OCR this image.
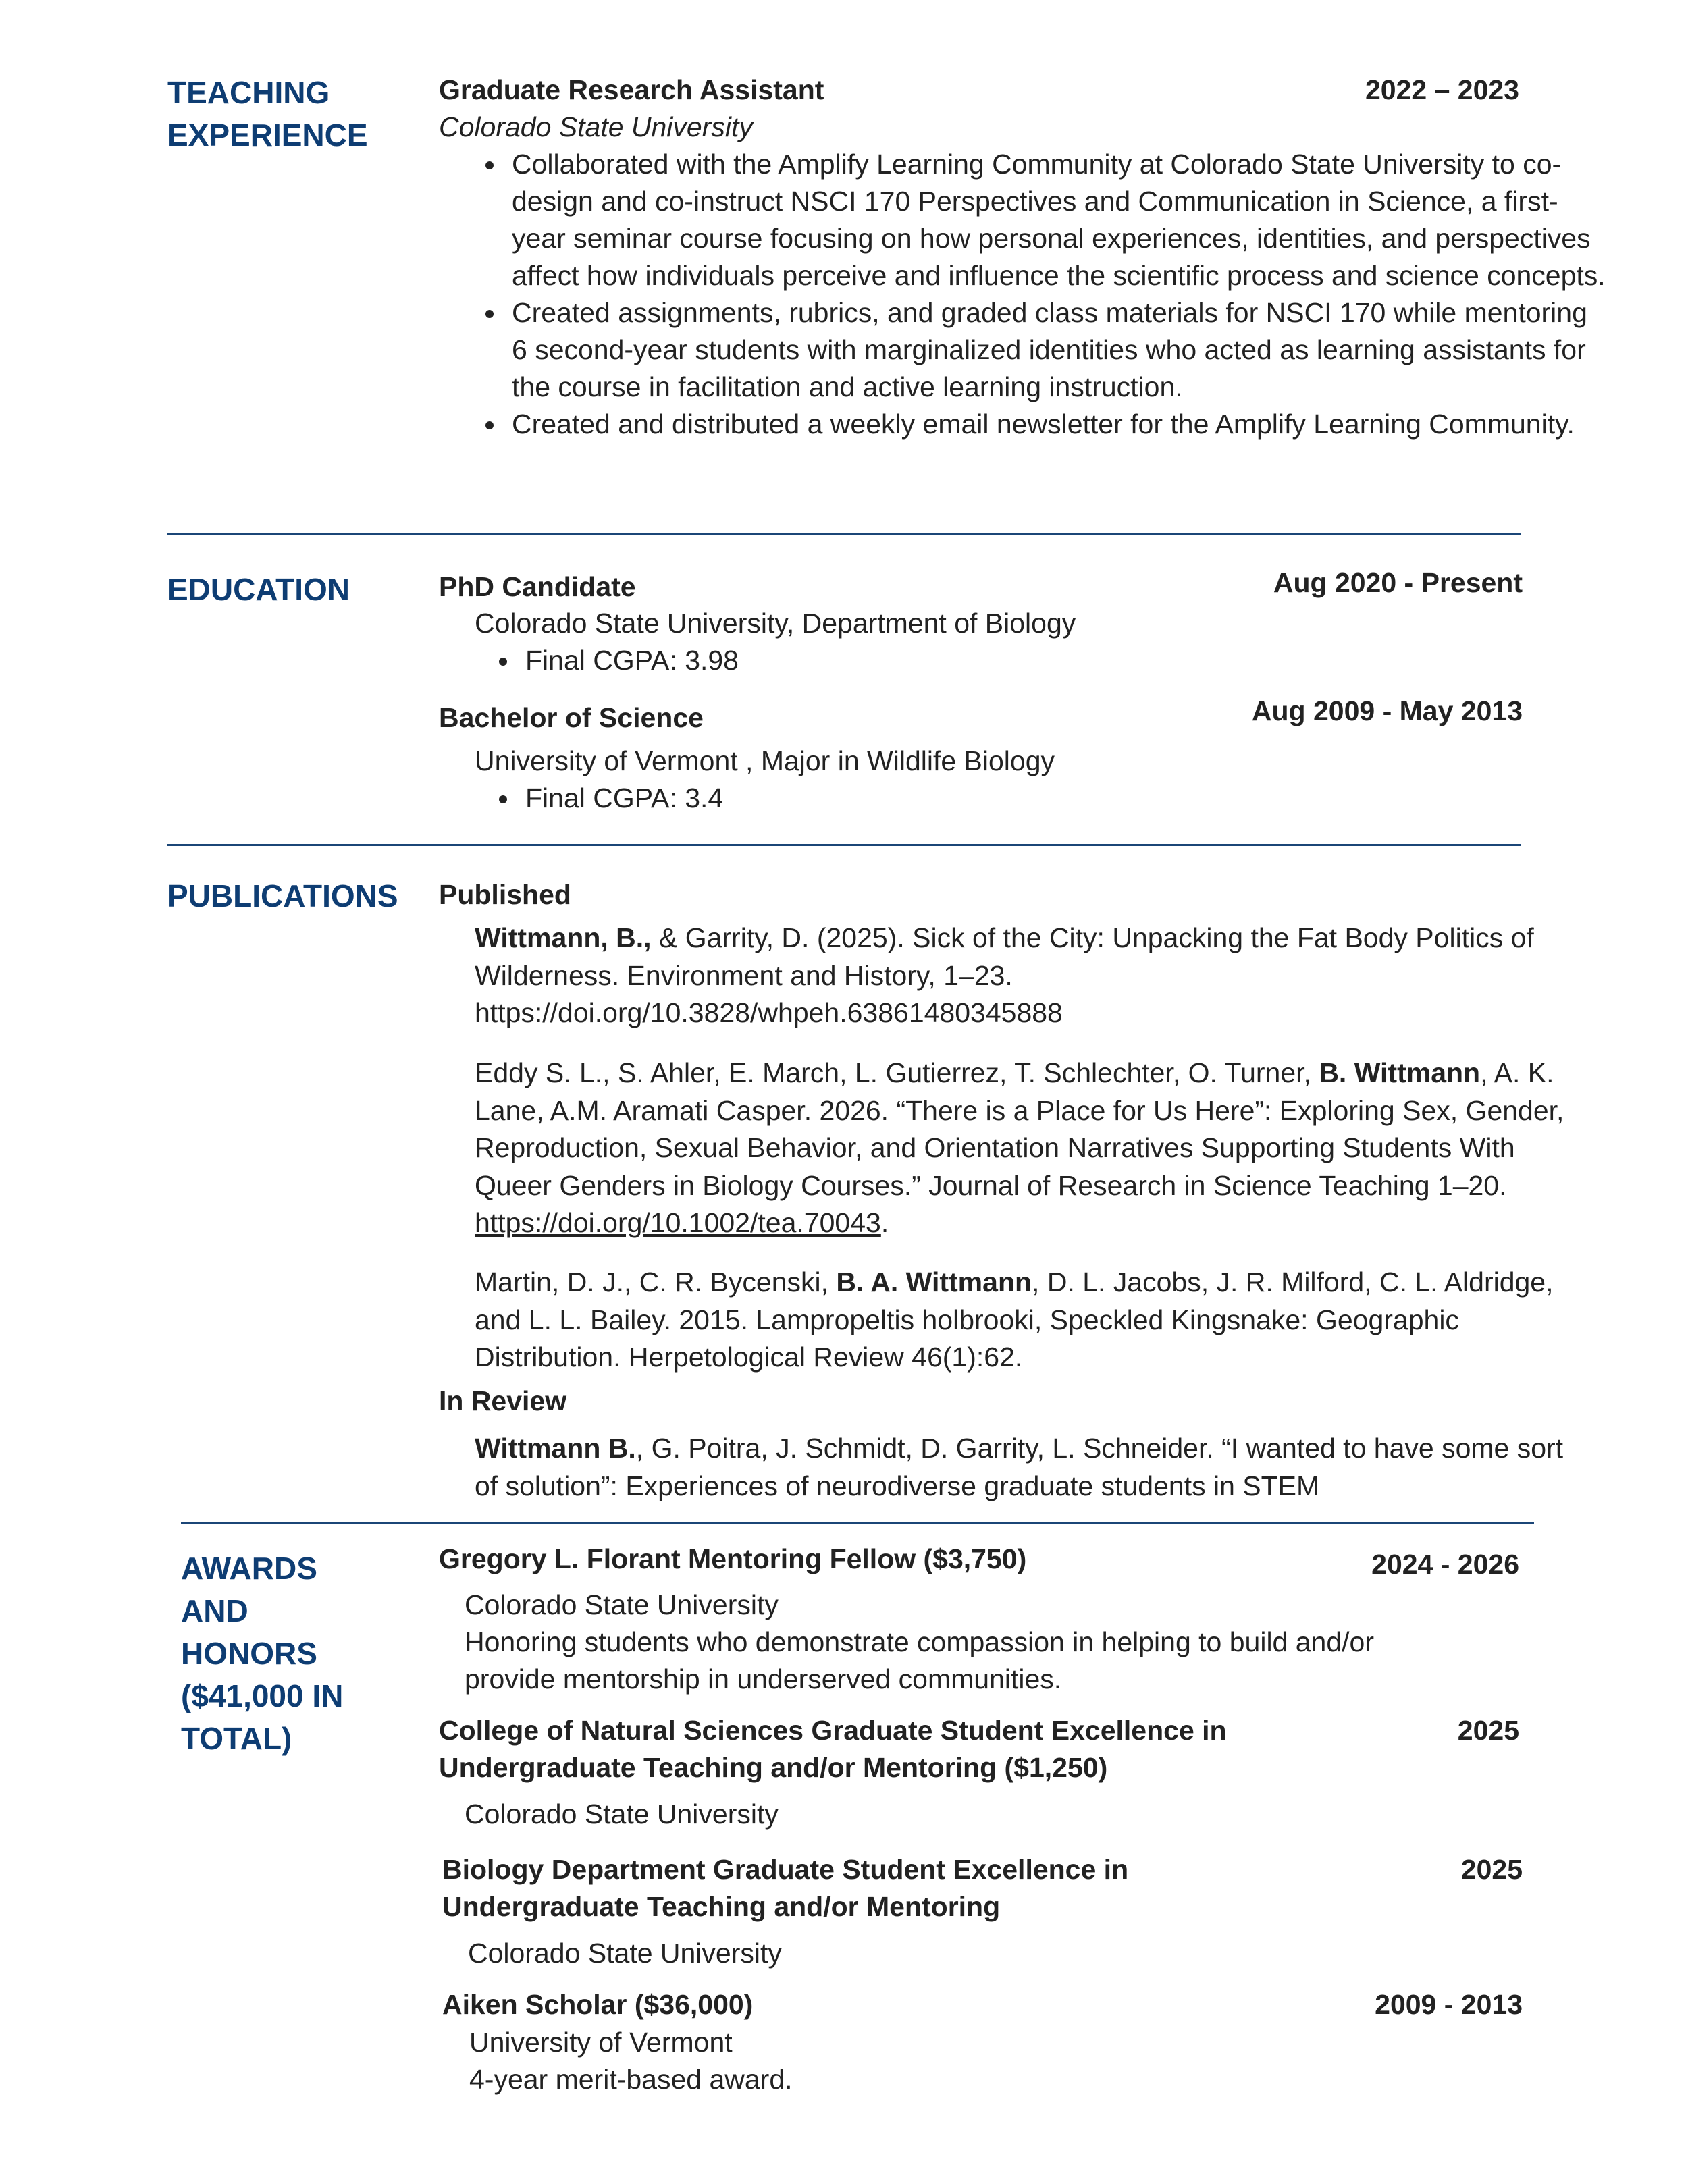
TEACHING
EXPERIENCE
Graduate Research Assistant	2022 – 2023
Colorado State University
• Collaborated with the Amplify Learning Community at Colorado State University to co-design and co-instruct NSCI 170 Perspectives and Communication in Science, a first-year seminar course focusing on how personal experiences, identities, and perspectives affect how individuals perceive and influence the scientific process and science concepts.
• Created assignments, rubrics, and graded class materials for NSCI 170 while mentoring 6 second-year students with marginalized identities who acted as learning assistants for the course in facilitation and active learning instruction.
• Created and distributed a weekly email newsletter for the Amplify Learning Community.
EDUCATION	PhD Candidate	Aug 2020 - Present
Colorado State University, Department of Biology
• Final CGPA: 3.98
Bachelor of Science	Aug 2009 - May 2013
University of Vermont , Major in Wildlife Biology
• Final CGPA: 3.4
PUBLICATIONS	Published

Wittmann, B., & Garrity, D. (2025). Sick of the City: Unpacking the Fat Body Politics of Wilderness. Environment and History, 1–23. https://doi.org/10.3828/whpeh.63861480345888

Eddy S. L., S. Ahler, E. March, L. Gutierrez, T. Schlechter, O. Turner, B. Wittmann, A. K. Lane, A.M. Aramati Casper. 2026. “There is a Place for Us Here”: Exploring Sex, Gender, Reproduction, Sexual Behavior, and Orientation Narratives Supporting Students With Queer Genders in Biology Courses.” Journal of Research in Science Teaching 1–20. https://doi.org/10.1002/tea.70043.

Martin, D. J., C. R. Bycenski, B. A. Wittmann, D. L. Jacobs, J. R. Milford, C. L. Aldridge, and L. L. Bailey. 2015. Lampropeltis holbrooki, Speckled Kingsnake: Geographic Distribution. Herpetological Review 46(1):62.

In Review

Wittmann B., G. Poitra, J. Schmidt, D. Garrity, L. Schneider. “I wanted to have some sort of solution”: Experiences of neurodiverse graduate students in STEM

AWARDS
AND
HONORS
($41,000 IN
TOTAL)
Gregory L. Florant Mentoring Fellow ($3,750)	2024 - 2026
Colorado State University
Honoring students who demonstrate compassion in helping to build and/or
provide mentorship in underserved communities.
College of Natural Sciences Graduate Student Excellence in
Undergraduate Teaching and/or Mentoring ($1,250)
2025
Colorado State University
Biology Department Graduate Student Excellence in
Undergraduate Teaching and/or Mentoring
2025
Colorado State University
Aiken Scholar ($36,000)	2009 - 2013
University of Vermont
4-year merit-based award.
